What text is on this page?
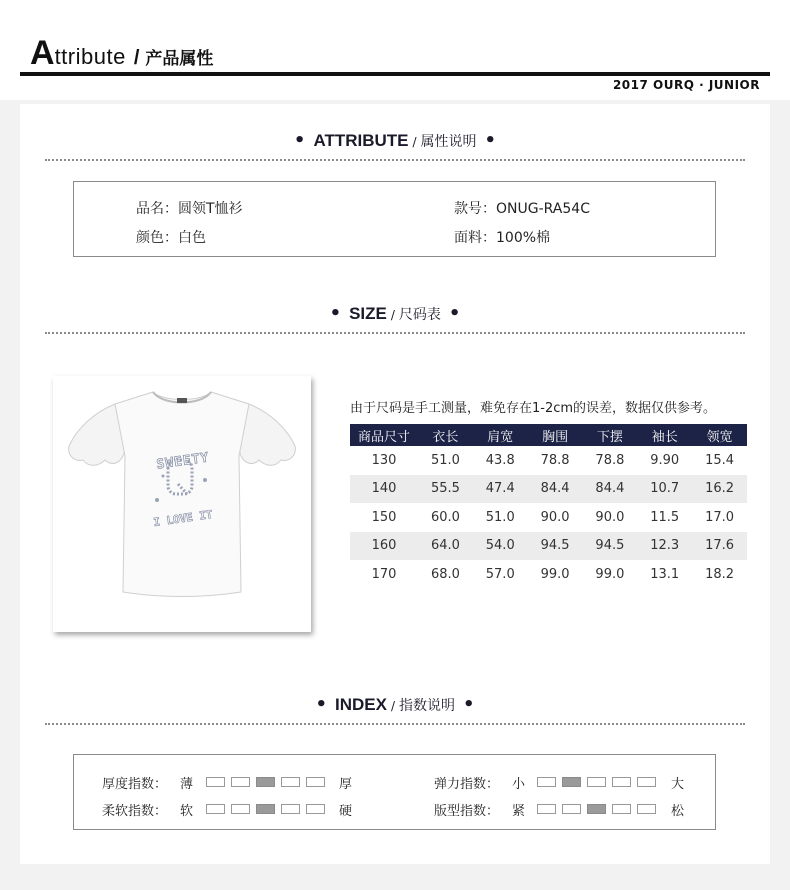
Attribute / 产品属性
2017 OURQ · JUNIOR
• ATTRIBUTE / 属性说明 •
品名：圆领T恤衫
颜色：白色
款号：ONUG-RA54C
面料：100%棉
• SIZE / 尺码表 •
SWEETY
I LOVE IT
由于尺码是手工测量，难免存在1-2cm的误差，数据仅供参考。
商品尺寸	衣长	肩宽	胸围	下摆	袖长	领宽
130	51.0	43.8	78.8	78.8	9.90	15.4
140	55.5	47.4	84.4	84.4	10.7	16.2
150	60.0	51.0	90.0	90.0	11.5	17.0
160	64.0	54.0	94.5	94.5	12.3	17.6
170	68.0	57.0	99.0	99.0	13.1	18.2
• INDEX / 指数说明 •
厚度指数： 薄	厚
柔软指数： 软	硬
弹力指数： 小	大
版型指数： 紧	松
